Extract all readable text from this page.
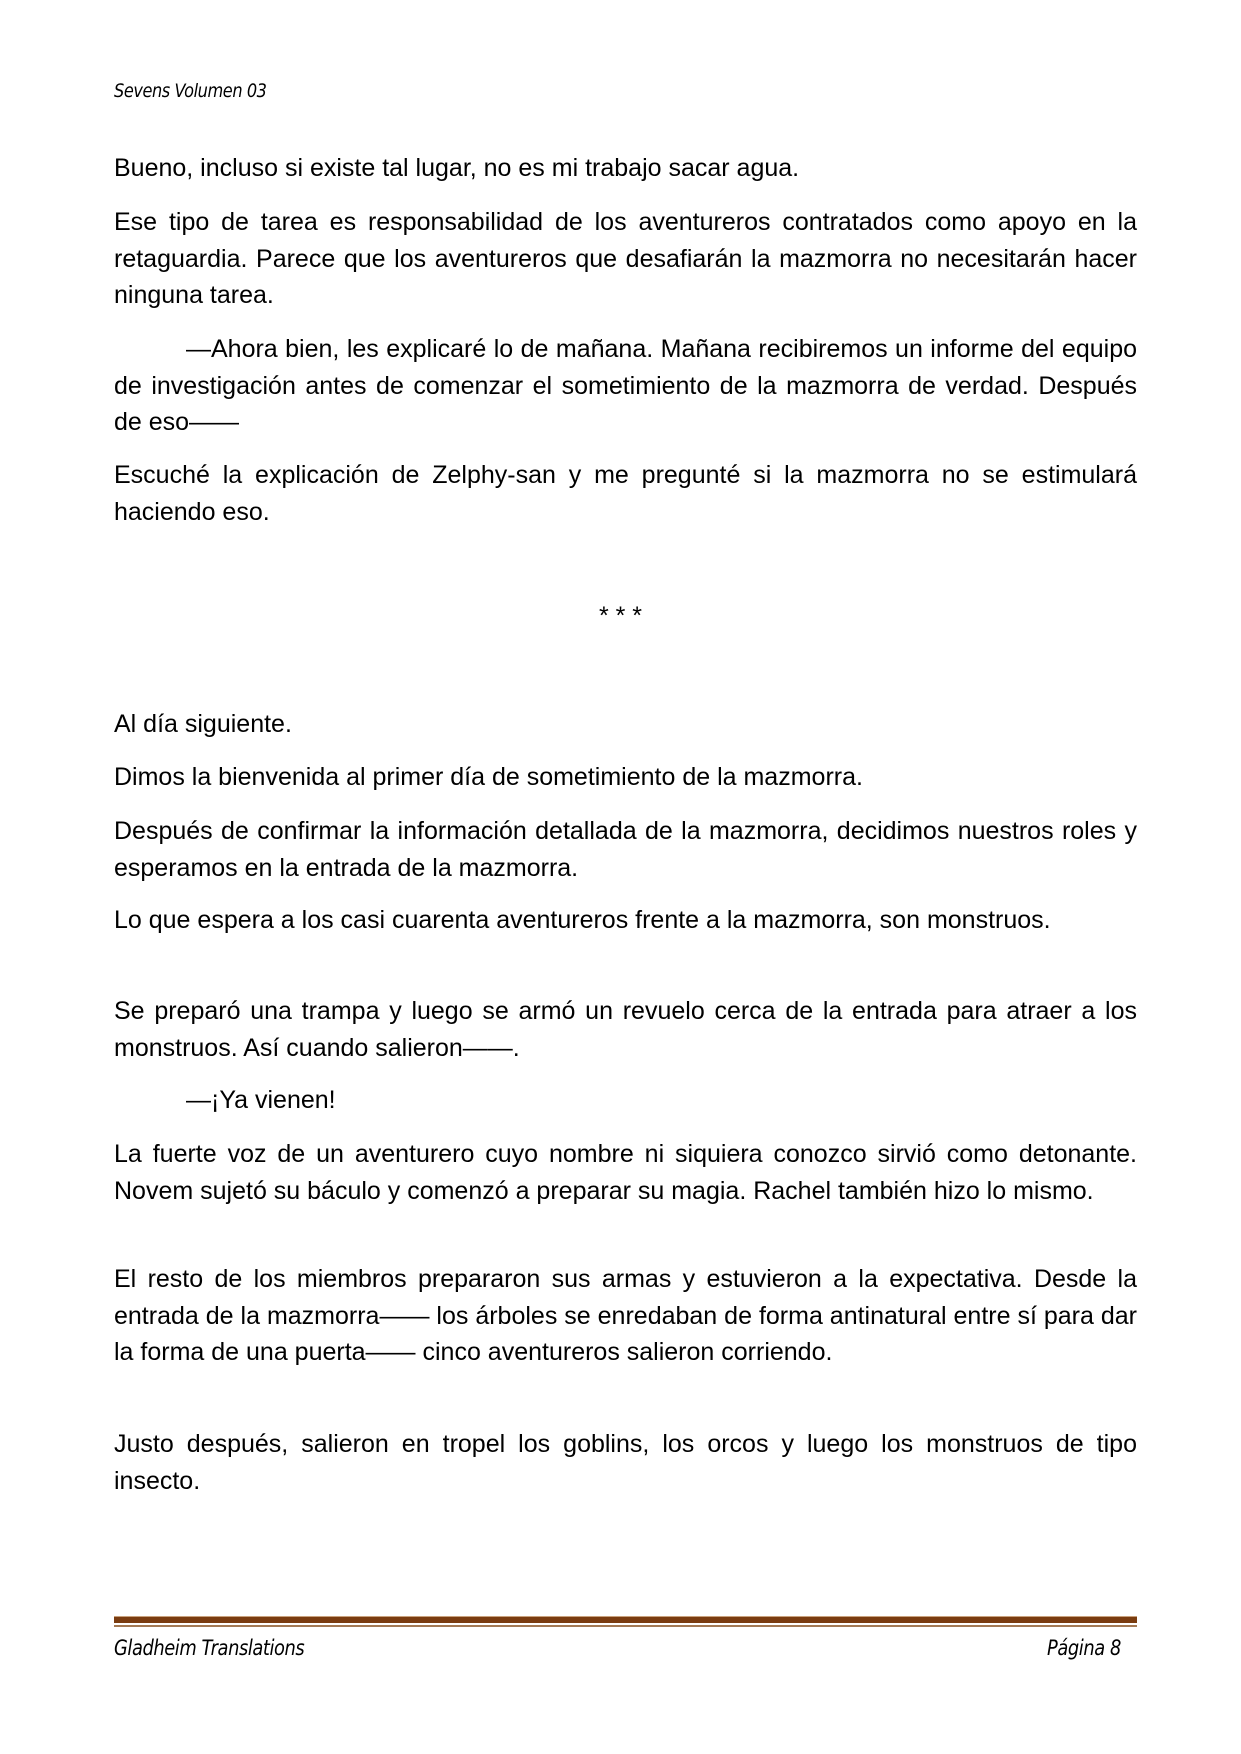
Sevens Volumen 03

Bueno, incluso si existe tal lugar, no es mi trabajo sacar agua.

Ese tipo de tarea es responsabilidad de los aventureros contratados como apoyo en la retaguardia. Parece que los aventureros que desafiarán la mazmorra no necesitarán hacer ninguna tarea.

—Ahora bien, les explicaré lo de mañana. Mañana recibiremos un informe del equipo de investigación antes de comenzar el sometimiento de la mazmorra de verdad. Después de eso——

Escuché la explicación de Zelphy-san y me pregunté si la mazmorra no se estimulará haciendo eso.

* * *

Al día siguiente.

Dimos la bienvenida al primer día de sometimiento de la mazmorra.

Después de confirmar la información detallada de la mazmorra, decidimos nuestros roles y esperamos en la entrada de la mazmorra.

Lo que espera a los casi cuarenta aventureros frente a la mazmorra, son monstruos.

Se preparó una trampa y luego se armó un revuelo cerca de la entrada para atraer a los monstruos. Así cuando salieron——.

—¡Ya vienen!

La fuerte voz de un aventurero cuyo nombre ni siquiera conozco sirvió como detonante. Novem sujetó su báculo y comenzó a preparar su magia. Rachel también hizo lo mismo.

El resto de los miembros prepararon sus armas y estuvieron a la expectativa. Desde la entrada de la mazmorra—— los árboles se enredaban de forma antinatural entre sí para dar la forma de una puerta—— cinco aventureros salieron corriendo.

Justo después, salieron en tropel los goblins, los orcos y luego los monstruos de tipo insecto.

Gladheim Translations	Página 8
